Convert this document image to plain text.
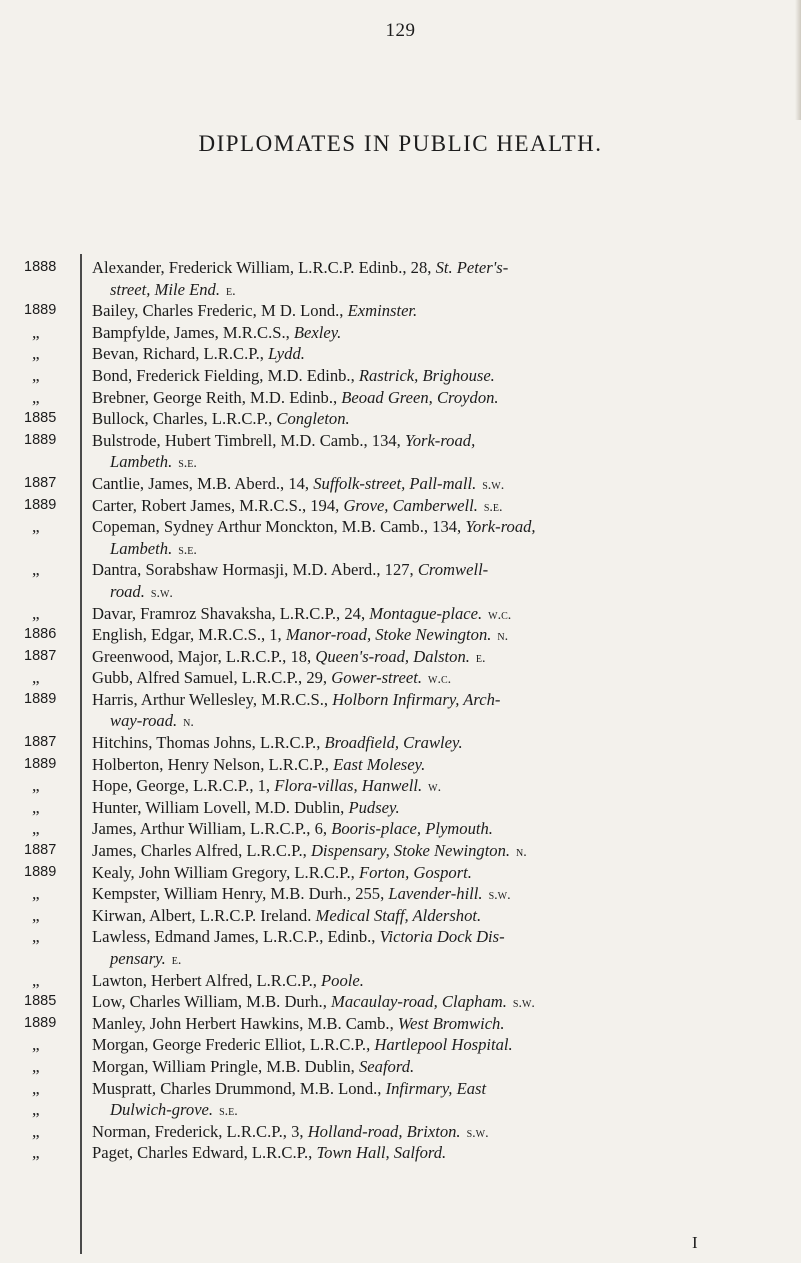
129
DIPLOMATES IN PUBLIC HEALTH.
1888
1889
„
„
„
„
1885
1889
1887
1889
„
„
„
1886
1887
„
1889
1887
1889
„
„
„
1887
1889
„
„
„
„
1885
1889
„
„
„
„
„
„
Alexander, Frederick William, L.R.C.P. Edinb., 28, St. Peter's-
street, Mile End. e.
Bailey, Charles Frederic, M D. Lond., Exminster.
Bampfylde, James, M.R.C.S., Bexley.
Bevan, Richard, L.R.C.P., Lydd.
Bond, Frederick Fielding, M.D. Edinb., Rastrick, Brighouse.
Brebner, George Reith, M.D. Edinb., Beoad Green, Croydon.
Bullock, Charles, L.R.C.P., Congleton.
Bulstrode, Hubert Timbrell, M.D. Camb., 134, York-road,
Lambeth. s.e.
Cantlie, James, M.B. Aberd., 14, Suffolk-street, Pall-mall. s.w.
Carter, Robert James, M.R.C.S., 194, Grove, Camberwell. s.e.
Copeman, Sydney Arthur Monckton, M.B. Camb., 134, York-road,
Lambeth. s.e.
Dantra, Sorabshaw Hormasji, M.D. Aberd., 127, Cromwell-
road. s.w.
Davar, Framroz Shavaksha, L.R.C.P., 24, Montague-place. w.c.
English, Edgar, M.R.C.S., 1, Manor-road, Stoke Newington. n.
Greenwood, Major, L.R.C.P., 18, Queen's-road, Dalston. e.
Gubb, Alfred Samuel, L.R.C.P., 29, Gower-street. w.c.
Harris, Arthur Wellesley, M.R.C.S., Holborn Infirmary, Arch-
way-road. n.
Hitchins, Thomas Johns, L.R.C.P., Broadfield, Crawley.
Holberton, Henry Nelson, L.R.C.P., East Molesey.
Hope, George, L.R.C.P., 1, Flora-villas, Hanwell. w.
Hunter, William Lovell, M.D. Dublin, Pudsey.
James, Arthur William, L.R.C.P., 6, Booris-place, Plymouth.
James, Charles Alfred, L.R.C.P., Dispensary, Stoke Newington. n.
Kealy, John William Gregory, L.R.C.P., Forton, Gosport.
Kempster, William Henry, M.B. Durh., 255, Lavender-hill. s.w.
Kirwan, Albert, L.R.C.P. Ireland. Medical Staff, Aldershot.
Lawless, Edmand James, L.R.C.P., Edinb., Victoria Dock Dis-
pensary. e.
Lawton, Herbert Alfred, L.R.C.P., Poole.
Low, Charles William, M.B. Durh., Macaulay-road, Clapham. s.w.
Manley, John Herbert Hawkins, M.B. Camb., West Bromwich.
Morgan, George Frederic Elliot, L.R.C.P., Hartlepool Hospital.
Morgan, William Pringle, M.B. Dublin, Seaford.
Muspratt, Charles Drummond, M.B. Lond., Infirmary, East
Dulwich-grove. s.e.
Norman, Frederick, L.R.C.P., 3, Holland-road, Brixton. s.w.
Paget, Charles Edward, L.R.C.P., Town Hall, Salford.
I
